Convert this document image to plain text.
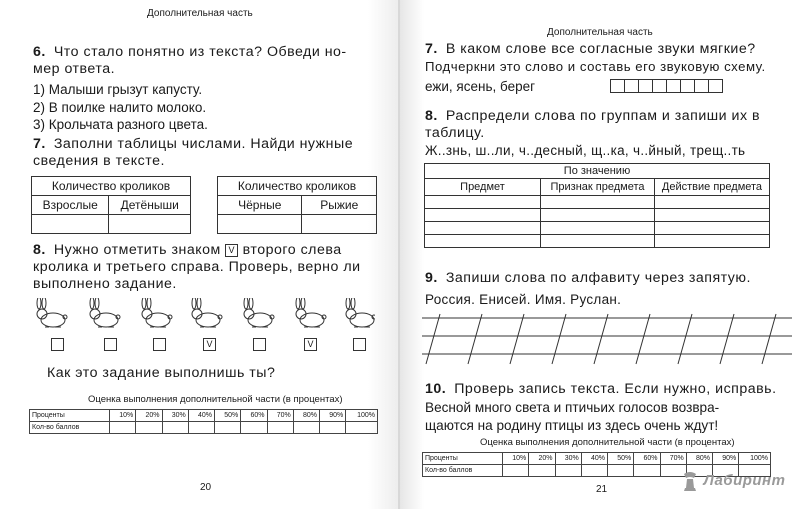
Дополнительная часть
6. Что стало понятно из текста? Обведи но-
мер ответа.
1) Малыши грызут капусту.
2) В поилке налито молоко.
3) Крольчата разного цвета.
7. Заполни таблицы числами. Найди нужные
сведения в тексте.
Количество кроликов	
Взрослые	Детёныши

Количество кроликов	
Чёрные	Рыжие

8. Нужно отметить знаком V второго слева
кролика и третьего справа. Проверь, верно ли
выполнено задание.
V	V
Как это задание выполнишь ты?
Оценка выполнения дополнительной части (в процентах)
Проценты	10%	20%	30%	40%	50%	60%	70%	80%	90%	100%
Кол-во баллов										
20
Дополнительная часть
7. В каком слове все согласные звуки мягкие?
Подчеркни это слово и составь его звуковую схему.
ежи, ясень, берег
8. Распредели слова по группам и запиши их в
таблицу.
Ж..знь, ш..ли, ч..десный, щ..ка, ч..йный, трещ..ть
По значению		
Предмет	Признак предмета	Действие предмета

9. Запиши слова по алфавиту через запятую.
Россия. Енисей. Имя. Руслан.
10. Проверь запись текста. Если нужно, исправь.
Весной много света и птичьих голосов возвра-
щаются на родину птицы из здесь очень ждут!
Оценка выполнения дополнительной части (в процентах)
Проценты	10%	20%	30%	40%	50%	60%	70%	80%	90%	100%
Кол-во баллов										
21
Лабиринт
